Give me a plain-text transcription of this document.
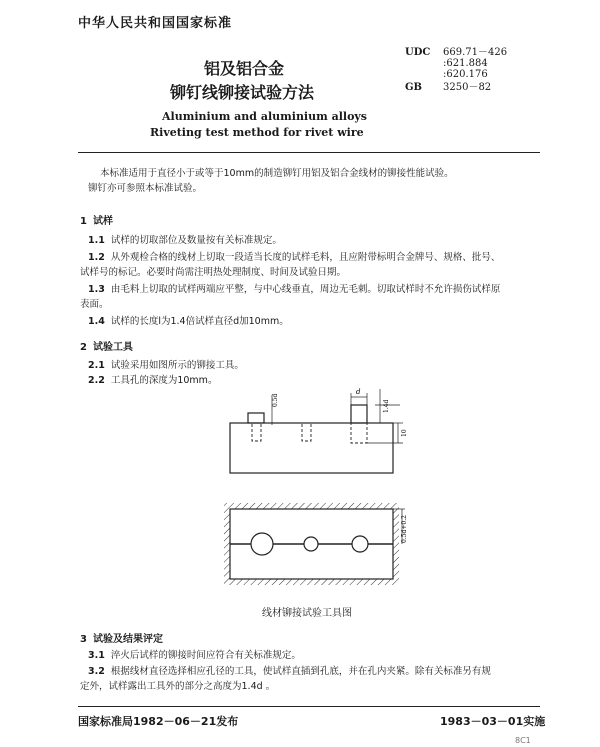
中华人民共和国国家标准
铝及铝合金
铆钉线铆接试验方法
Aluminium and aluminium alloys
Riveting test method for rivet wire
UDC	669.71－426
:621.884
:620.176
GB	3250－82
本标准适用于直径小于或等于10mm的制造铆钉用铝及铝合金线材的铆接性能试验。
铆钉亦可参照本标准试验。
1 试样
1.1 试样的切取部位及数量按有关标准规定。
1.2 从外观检合格的线材上切取一段适当长度的试样毛料，且应附带标明合金牌号、规格、批号、
试样号的标记。必要时尚需注明热处理制度、时间及试验日期。
1.3 由毛料上切取的试样两端应平整，与中心线垂直，周边无毛刺。切取试样时不允许损伤试样原
表面。
1.4 试样的长度l为1.4倍试样直径d加10mm。
2 试验工具
2.1 试验采用如图所示的铆接工具。
2.2 工具孔的深度为10mm。
0.5d
d
1.4d
10
0.5d+0.2
线材铆接试验工具图
3 试验及结果评定
3.1 淬火后试样的铆接时间应符合有关标准规定。
3.2 根据线材直径选择相应孔径的工具，使试样直插到孔底，并在孔内夹紧。除有关标准另有规
定外，试样露出工具外的部分之高度为1.4d 。
国家标准局1982－06－21发布	1983－03－01实施
8C1
